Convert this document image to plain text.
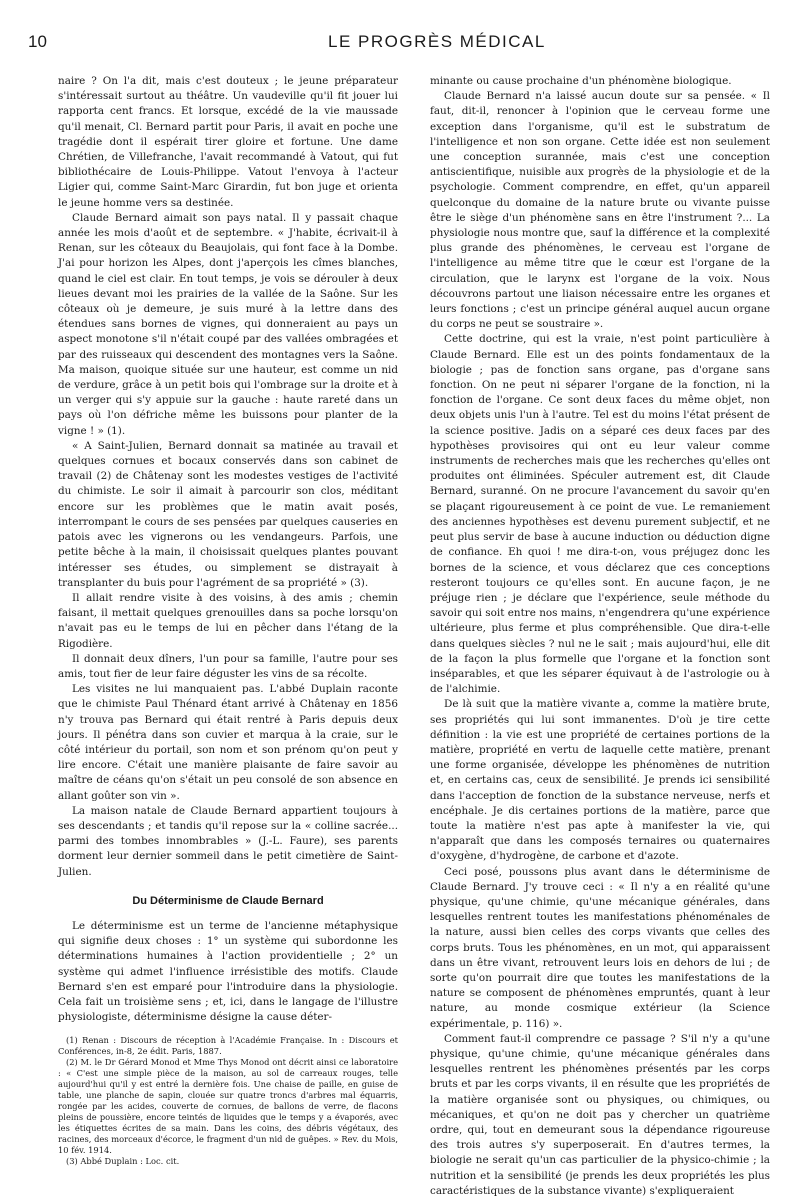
10	LE PROGRÈS MÉDICAL

naire ? On l'a dit, mais c'est douteux ; le jeune préparateur s'intéressait surtout au théâtre. Un vaudeville qu'il fit jouer lui rapporta cent francs. Et lorsque, excédé de la vie maussade qu'il menait, Cl. Bernard partit pour Paris, il avait en poche une tragédie dont il espérait tirer gloire et fortune. Une dame Chrétien, de Villefranche, l'avait recommandé à Vatout, qui fut bibliothécaire de Louis-Philippe. Vatout l'envoya à l'acteur Ligier qui, comme Saint-Marc Girardin, fut bon juge et orienta le jeune homme vers sa destinée.

Claude Bernard aimait son pays natal. Il y passait chaque année les mois d'août et de septembre. « J'habite, écrivait-il à Renan, sur les côteaux du Beaujolais, qui font face à la Dombe. J'ai pour horizon les Alpes, dont j'aperçois les cîmes blanches, quand le ciel est clair. En tout temps, je vois se dérouler à deux lieues devant moi les prairies de la vallée de la Saône. Sur les côteaux où je demeure, je suis muré à la lettre dans des étendues sans bornes de vignes, qui donneraient au pays un aspect monotone s'il n'était coupé par des vallées ombragées et par des ruisseaux qui descendent des montagnes vers la Saône. Ma maison, quoique située sur une hauteur, est comme un nid de verdure, grâce à un petit bois qui l'ombrage sur la droite et à un verger qui s'y appuie sur la gauche : haute rareté dans un pays où l'on défriche même les buissons pour planter de la vigne ! » (1).

« A Saint-Julien, Bernard donnait sa matinée au travail et quelques cornues et bocaux conservés dans son cabinet de travail (2) de Châtenay sont les modestes vestiges de l'activité du chimiste. Le soir il aimait à parcourir son clos, méditant encore sur les problèmes que le matin avait posés, interrompant le cours de ses pensées par quelques causeries en patois avec les vignerons ou les vendangeurs. Parfois, une petite bêche à la main, il choisissait quelques plantes pouvant intéresser ses études, ou simplement se distrayait à transplanter du buis pour l'agrément de sa propriété » (3).

Il allait rendre visite à des voisins, à des amis ; chemin faisant, il mettait quelques grenouilles dans sa poche lorsqu'on n'avait pas eu le temps de lui en pêcher dans l'étang de la Rigodière.

Il donnait deux dîners, l'un pour sa famille, l'autre pour ses amis, tout fier de leur faire déguster les vins de sa récolte.

Les visites ne lui manquaient pas. L'abbé Duplain raconte que le chimiste Paul Thénard étant arrivé à Châtenay en 1856 n'y trouva pas Bernard qui était rentré à Paris depuis deux jours. Il pénétra dans son cuvier et marqua à la craie, sur le côté intérieur du portail, son nom et son prénom qu'on peut y lire encore. C'était une manière plaisante de faire savoir au maître de céans qu'on s'était un peu consolé de son absence en allant goûter son vin ».

La maison natale de Claude Bernard appartient toujours à ses descendants ; et tandis qu'il repose sur la « colline sacrée... parmi des tombes innombrables » (J.-L. Faure), ses parents dorment leur dernier sommeil dans le petit cimetière de Saint-Julien.

Du Déterminisme de Claude Bernard

Le déterminisme est un terme de l'ancienne métaphysique qui signifie deux choses : 1° un système qui subordonne les déterminations humaines à l'action providentielle ; 2° un système qui admet l'influence irrésistible des motifs. Claude Bernard s'en est emparé pour l'introduire dans la physiologie. Cela fait un troisième sens ; et, ici, dans le langage de l'illustre physiologiste, déterminisme désigne la cause déter-

(1) Renan : Discours de réception à l'Académie Française. In : Discours et Conférences, in-8, 2e édit. Paris, 1887.

(2) M. le Dr Gérard Monod et Mme Thys Monod ont décrit ainsi ce laboratoire : « C'est une simple pièce de la maison, au sol de carreaux rouges, telle aujourd'hui qu'il y est entré la dernière fois. Une chaise de paille, en guise de table, une planche de sapin, clouée sur quatre troncs d'arbres mal équarris, rongée par les acides, couverte de cornues, de ballons de verre, de flacons pleins de poussière, encore teintés de liquides que le temps y a évaporés, avec les étiquettes écrites de sa main. Dans les coins, des débris végétaux, des racines, des morceaux d'écorce, le fragment d'un nid de guêpes. » Rev. du Mois, 10 fév. 1914.

(3) Abbé Duplain : Loc. cit.

minante ou cause prochaine d'un phénomène biologique.

Claude Bernard n'a laissé aucun doute sur sa pensée. « Il faut, dit-il, renoncer à l'opinion que le cerveau forme une exception dans l'organisme, qu'il est le substratum de l'intelligence et non son organe. Cette idée est non seulement une conception surannée, mais c'est une conception antiscientifique, nuisible aux progrès de la physiologie et de la psychologie. Comment comprendre, en effet, qu'un appareil quelconque du domaine de la nature brute ou vivante puisse être le siège d'un phénomène sans en être l'instrument ?... La physiologie nous montre que, sauf la différence et la complexité plus grande des phénomènes, le cerveau est l'organe de l'intelligence au même titre que le cœur est l'organe de la circulation, que le larynx est l'organe de la voix. Nous découvrons partout une liaison nécessaire entre les organes et leurs fonctions ; c'est un principe général auquel aucun organe du corps ne peut se soustraire ».

Cette doctrine, qui est la vraie, n'est point particulière à Claude Bernard. Elle est un des points fondamentaux de la biologie ; pas de fonction sans organe, pas d'organe sans fonction. On ne peut ni séparer l'organe de la fonction, ni la fonction de l'organe. Ce sont deux faces du même objet, non deux objets unis l'un à l'autre. Tel est du moins l'état présent de la science positive. Jadis on a séparé ces deux faces par des hypothèses provisoires qui ont eu leur valeur comme instruments de recherches mais que les recherches qu'elles ont produites ont éliminées. Spéculer autrement est, dit Claude Bernard, suranné. On ne procure l'avancement du savoir qu'en se plaçant rigoureusement à ce point de vue. Le remaniement des anciennes hypothèses est devenu purement subjectif, et ne peut plus servir de base à aucune induction ou déduction digne de confiance. Eh quoi ! me dira-t-on, vous préjugez donc les bornes de la science, et vous déclarez que ces conceptions resteront toujours ce qu'elles sont. En aucune façon, je ne préjuge rien ; je déclare que l'expérience, seule méthode du savoir qui soit entre nos mains, n'engendrera qu'une expérience ultérieure, plus ferme et plus compréhensible. Que dira-t-elle dans quelques siècles ? nul ne le sait ; mais aujourd'hui, elle dit de la façon la plus formelle que l'organe et la fonction sont inséparables, et que les séparer équivaut à de l'astrologie ou à de l'alchimie.

De là suit que la matière vivante a, comme la matière brute, ses propriétés qui lui sont immanentes. D'où je tire cette définition : la vie est une propriété de certaines portions de la matière, propriété en vertu de laquelle cette matière, prenant une forme organisée, développe les phénomènes de nutrition et, en certains cas, ceux de sensibilité. Je prends ici sensibilité dans l'acception de fonction de la substance nerveuse, nerfs et encéphale. Je dis certaines portions de la matière, parce que toute la matière n'est pas apte à manifester la vie, qui n'apparaît que dans les composés ternaires ou quaternaires d'oxygène, d'hydrogène, de carbone et d'azote.

Ceci posé, poussons plus avant dans le déterminisme de Claude Bernard. J'y trouve ceci : « Il n'y a en réalité qu'une physique, qu'une chimie, qu'une mécanique générales, dans lesquelles rentrent toutes les manifestations phénoménales de la nature, aussi bien celles des corps vivants que celles des corps bruts. Tous les phénomènes, en un mot, qui apparaissent dans un être vivant, retrouvent leurs lois en dehors de lui ; de sorte qu'on pourrait dire que toutes les manifestations de la nature se composent de phénomènes empruntés, quant à leur nature, au monde cosmique extérieur (la Science expérimentale, p. 116) ».

Comment faut-il comprendre ce passage ? S'il n'y a qu'une physique, qu'une chimie, qu'une mécanique générales dans lesquelles rentrent les phénomènes présentés par les corps bruts et par les corps vivants, il en résulte que les propriétés de la matière organisée sont ou physiques, ou chimiques, ou mécaniques, et qu'on ne doit pas y chercher un quatrième ordre, qui, tout en demeurant sous la dépendance rigoureuse des trois autres s'y superposerait. En d'autres termes, la biologie ne serait qu'un cas particulier de la physico-chimie ; la nutrition et la sensibilité (je prends les deux propriétés les plus caractéristiques de la substance vivante) s'expliqueraient
